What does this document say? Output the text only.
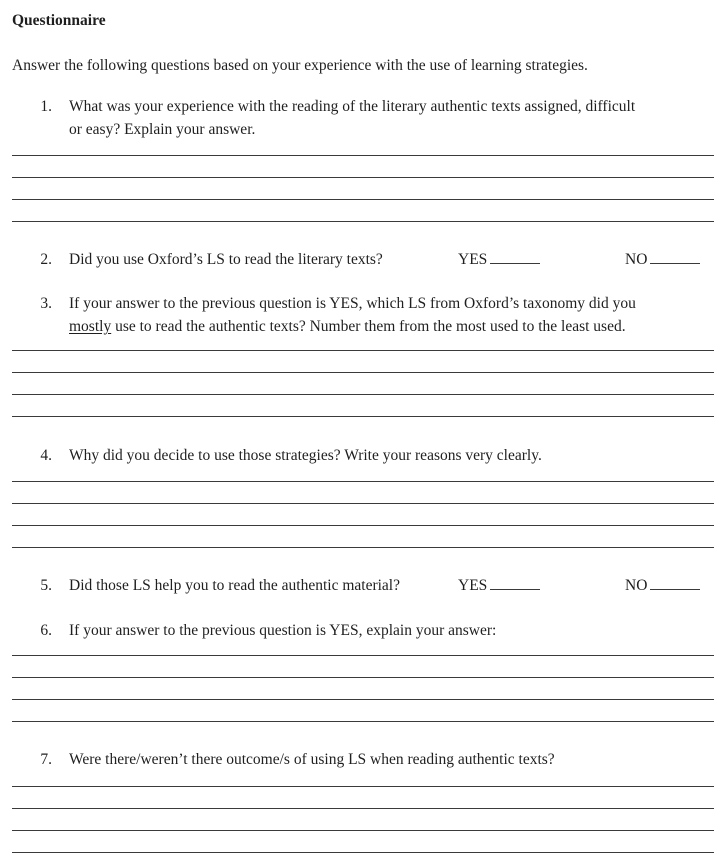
Questionnaire
Answer the following questions based on your experience with the use of learning strategies.
1. What was your experience with the reading of the literary authentic texts assigned, difficult
or easy? Explain your answer.
2. Did you use Oxford’s LS to read the literary texts?	YES	NO
3. If your answer to the previous question is YES, which LS from Oxford’s taxonomy did you
mostly use to read the authentic texts? Number them from the most used to the least used.
4. Why did you decide to use those strategies? Write your reasons very clearly.
5. Did those LS help you to read the authentic material?	YES	NO
6. If your answer to the previous question is YES, explain your answer:
7. Were there/weren’t there outcome/s of using LS when reading authentic texts?
